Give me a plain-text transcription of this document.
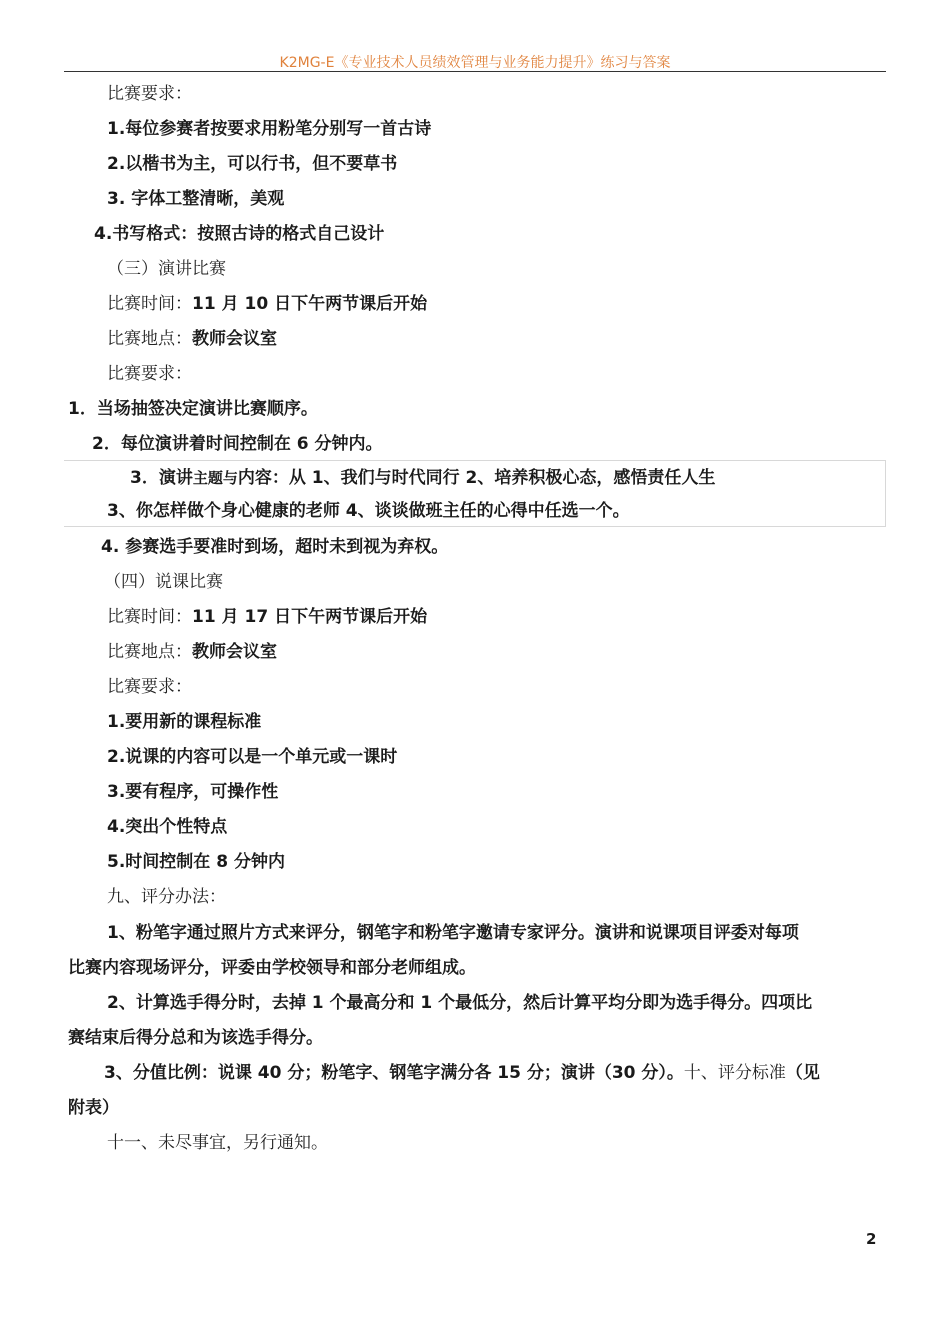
K2MG-E《专业技术人员绩效管理与业务能力提升》练习与答案
比赛要求：
1.每位参赛者按要求用粉笔分别写一首古诗
2.以楷书为主，可以行书，但不要草书
3. 字体工整清晰，美观
4.书写格式：按照古诗的格式自己设计
（三）演讲比赛
比赛时间：11 月 10 日下午两节课后开始
比赛地点：教师会议室
比赛要求：
1．当场抽签决定演讲比赛顺序。
2．每位演讲着时间控制在 6 分钟内。
3．演讲主题与内容：从 1、我们与时代同行 2、培养积极心态，感悟责任人生
3、你怎样做个身心健康的老师 4、谈谈做班主任的心得中任选一个。
4. 参赛选手要准时到场，超时未到视为弃权。
（四）说课比赛
比赛时间：11 月 17 日下午两节课后开始
比赛地点：教师会议室
比赛要求：
1.要用新的课程标准
2.说课的内容可以是一个单元或一课时
3.要有程序，可操作性
4.突出个性特点
5.时间控制在 8 分钟内
九、评分办法：
1、粉笔字通过照片方式来评分，钢笔字和粉笔字邀请专家评分。演讲和说课项目评委对每项
比赛内容现场评分，评委由学校领导和部分老师组成。
2、计算选手得分时，去掉 1 个最高分和 1 个最低分，然后计算平均分即为选手得分。四项比
赛结束后得分总和为该选手得分。
3、分值比例：说课 40 分；粉笔字、钢笔字满分各 15 分；演讲（30 分）。十、评分标准（见
附表）
十一、未尽事宜，另行通知。
2
